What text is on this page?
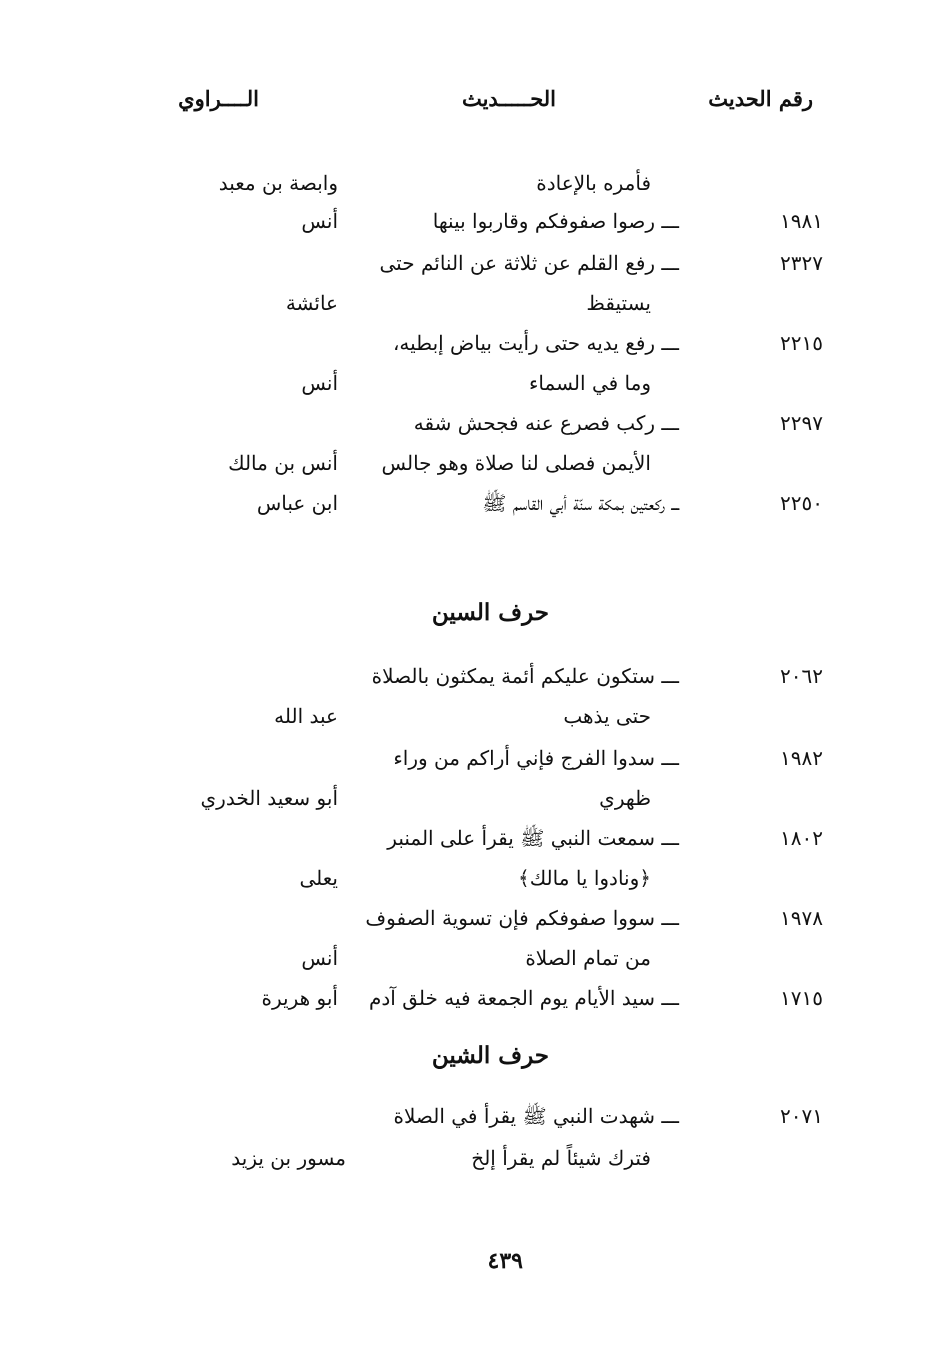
رقم الحديث
الحـــــديث
الــــراوي
فأمره بالإعادة
وابصة بن معبد
١٩٨١
ـــ رصوا صفوفكم وقاربوا بينها
أنس
٢٣٢٧
ـــ رفع القلم عن ثلاثة عن النائم حتى
يستيقظ
عائشة
٢٢١٥
ـــ رفع يديه حتى رأيت بياض إبطيه،
وما في السماء
أنس
٢٢٩٧
ـــ ركب فصرع عنه فجحش شقه
الأيمن فصلى لنا صلاة وهو جالس
أنس بن مالك
٢٢٥٠
ـــ ركعتين بمكة سنّة أبي القاسم ﷺ
ابن عباس
حرف السين
٢٠٦٢
ـــ ستكون عليكم أئمة يمكثون بالصلاة
حتى يذهب
عبد الله
١٩٨٢
ـــ سدوا الفرج فإني أراكم من وراء
ظهري
أبو سعيد الخدري
١٨٠٢
ـــ سمعت النبي ﷺ يقرأ على المنبر
﴿ونادوا يا مالك﴾
يعلى
١٩٧٨
ـــ سووا صفوفكم فإن تسوية الصفوف
من تمام الصلاة
أنس
١٧١٥
ـــ سيد الأيام يوم الجمعة فيه خلق آدم
أبو هريرة
حرف الشين
٢٠٧١
ـــ شهدت النبي ﷺ يقرأ في الصلاة
فترك شيئاً لم يقرأ إلخ
مسور بن يزيد
٤٣٩
